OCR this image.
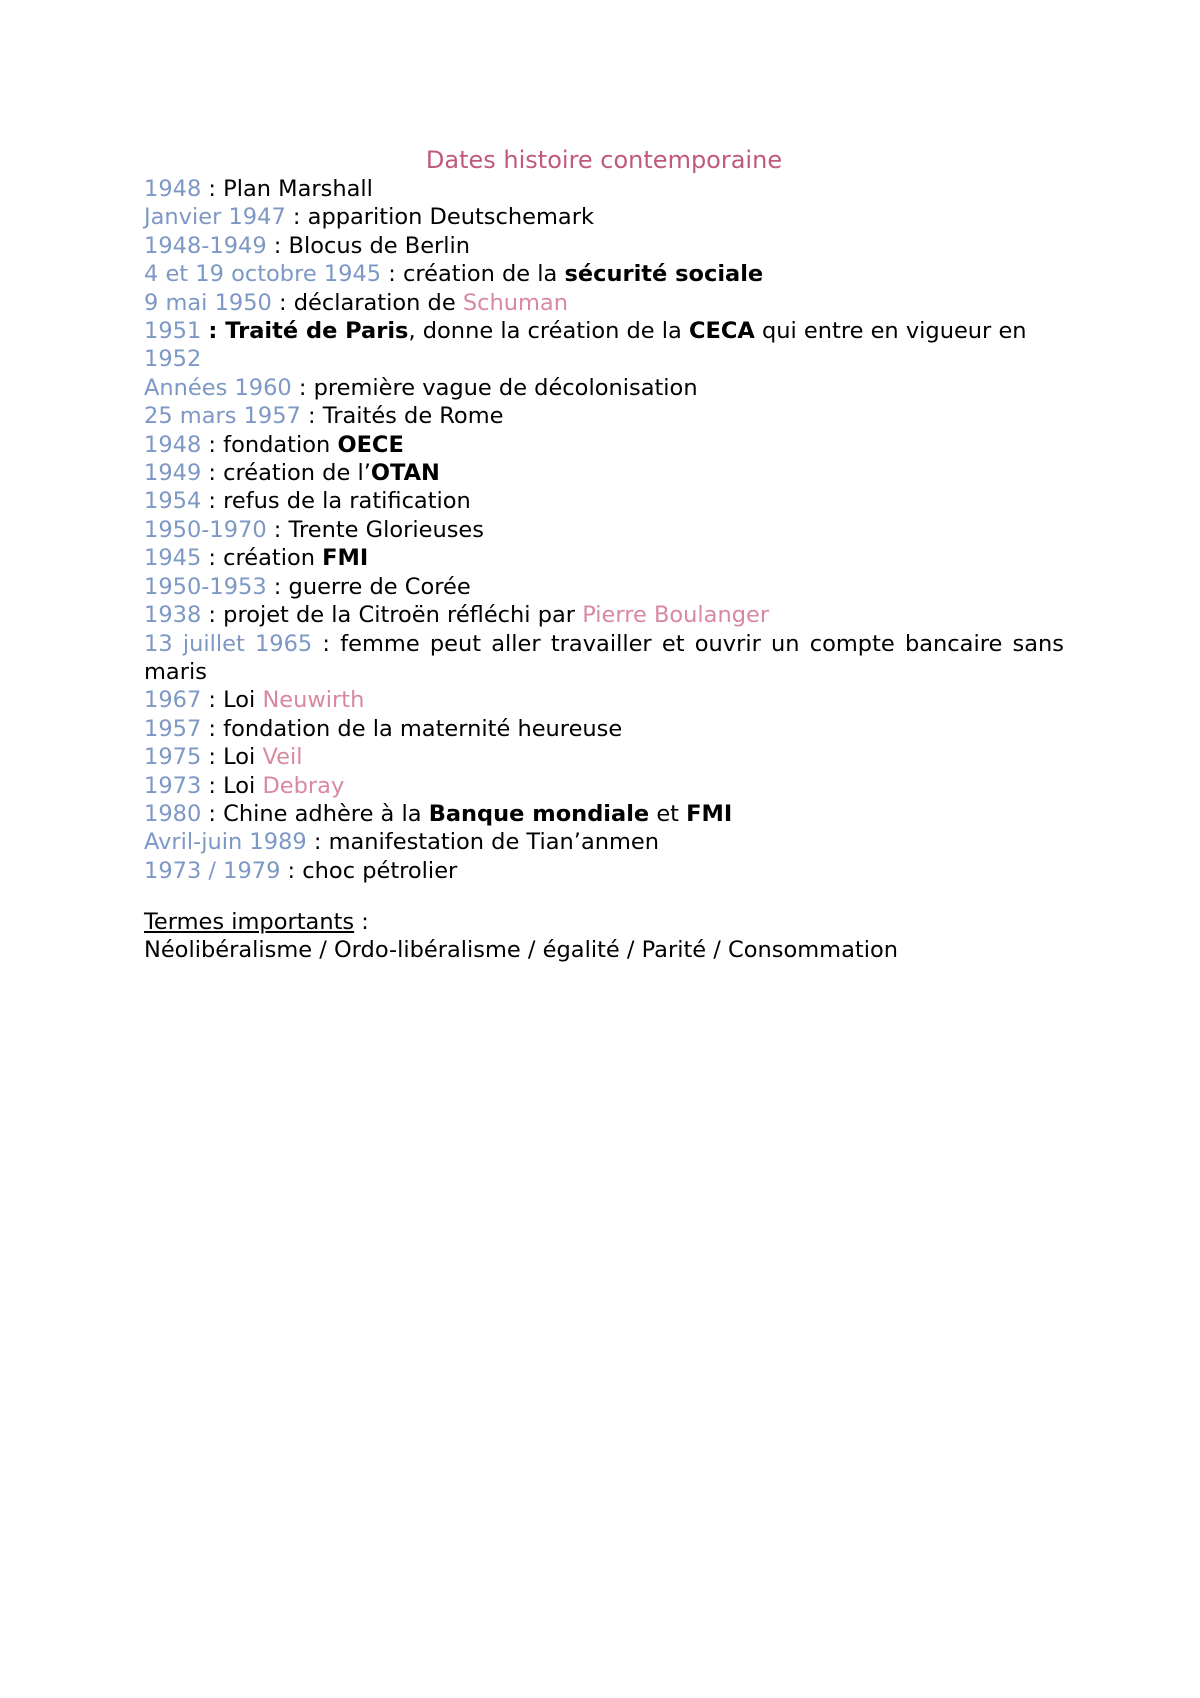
Dates histoire contemporaine
1948 : Plan Marshall
Janvier 1947 : apparition Deutschemark
1948-1949 : Blocus de Berlin
4 et 19 octobre 1945 : création de la sécurité sociale
9 mai 1950 : déclaration de Schuman
1951 : Traité de Paris, donne la création de la CECA qui entre en vigueur en 1952
Années 1960 : première vague de décolonisation
25 mars 1957 : Traités de Rome
1948 : fondation OECE
1949 : création de l’OTAN
1954 : refus de la ratification
1950-1970 : Trente Glorieuses
1945 : création FMI
1950-1953 : guerre de Corée
1938 : projet de la Citroën réfléchi par Pierre Boulanger
13 juillet 1965 : femme peut aller travailler et ouvrir un compte bancaire sans maris
1967 : Loi Neuwirth
1957 : fondation de la maternité heureuse
1975 : Loi Veil
1973 : Loi Debray
1980 : Chine adhère à la Banque mondiale et FMI
Avril-juin 1989 : manifestation de Tian’anmen
1973 / 1979 : choc pétrolier
Termes importants :
Néolibéralisme / Ordo-libéralisme / égalité / Parité / Consommation
